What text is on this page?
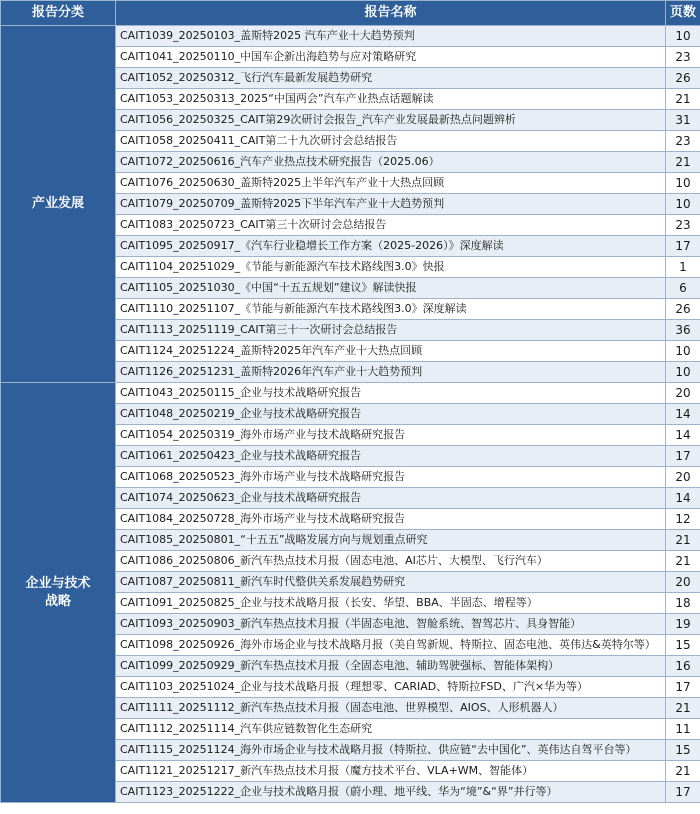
报告分类	报告名称	页数
产业发展	CAIT1039_20250103_盖斯特2025 汽车产业十大趋势预判	10
	CAIT1041_20250110_中国车企新出海趋势与应对策略研究	23
	CAIT1052_20250312_飞行汽车最新发展趋势研究	26
	CAIT1053_20250313_2025“中国两会”汽车产业热点话题解读	21
	CAIT1056_20250325_CAIT第29次研讨会报告_汽车产业发展最新热点问题辨析	31
	CAIT1058_20250411_CAIT第二十九次研讨会总结报告	23
	CAIT1072_20250616_汽车产业热点技术研究报告（2025.06）	21
	CAIT1076_20250630_盖斯特2025上半年汽车产业十大热点回顾	10
	CAIT1079_20250709_盖斯特2025下半年汽车产业十大趋势预判	10
	CAIT1083_20250723_CAIT第三十次研讨会总结报告	23
	CAIT1095_20250917_《汽车行业稳增长工作方案（2025-2026）》深度解读	17
	CAIT1104_20251029_《节能与新能源汽车技术路线图3.0》快报	1
	CAIT1105_20251030_《中国“十五五规划”建议》解读快报	6
	CAIT1110_20251107_《节能与新能源汽车技术路线图3.0》深度解读	26
	CAIT1113_20251119_CAIT第三十一次研讨会总结报告	36
	CAIT1124_20251224_盖斯特2025年汽车产业十大热点回顾	10
	CAIT1126_20251231_盖斯特2026年汽车产业十大趋势预判	10
企业与技术战略	CAIT1043_20250115_企业与技术战略研究报告	20
	CAIT1048_20250219_企业与技术战略研究报告	14
	CAIT1054_20250319_海外市场产业与技术战略研究报告	14
	CAIT1061_20250423_企业与技术战略研究报告	17
	CAIT1068_20250523_海外市场产业与技术战略研究报告	20
	CAIT1074_20250623_企业与技术战略研究报告	14
	CAIT1084_20250728_海外市场产业与技术战略研究报告	12
	CAIT1085_20250801_“十五五”战略发展方向与规划重点研究	21
	CAIT1086_20250806_新汽车热点技术月报（固态电池、AI芯片、大模型、飞行汽车）	21
	CAIT1087_20250811_新汽车时代整供关系发展趋势研究	20
	CAIT1091_20250825_企业与技术战略月报（长安、华望、BBA、半固态、增程等）	18
	CAIT1093_20250903_新汽车热点技术月报（半固态电池、智舱系统、智驾芯片、具身智能）	19
	CAIT1098_20250926_海外市场企业与技术战略月报（美自驾新规、特斯拉、固态电池、英伟达&英特尔等）	15
	CAIT1099_20250929_新汽车热点技术月报（全固态电池、辅助驾驶强标、智能体架构）	16
	CAIT1103_20251024_企业与技术战略月报（理想零、CARIAD、特斯拉FSD、广汽×华为等）	17
	CAIT1111_20251112_新汽车热点技术月报（固态电池、世界模型、AIOS、人形机器人）	21
	CAIT1112_20251114_汽车供应链数智化生态研究	11
	CAIT1115_20251124_海外市场企业与技术战略月报（特斯拉、供应链“去中国化”、英伟达自驾平台等）	15
	CAIT1121_20251217_新汽车热点技术月报（魔方技术平台、VLA+WM、智能体）	21
	CAIT1123_20251222_企业与技术战略月报（蔚小理、地平线、华为“境”&“界”并行等）	17
